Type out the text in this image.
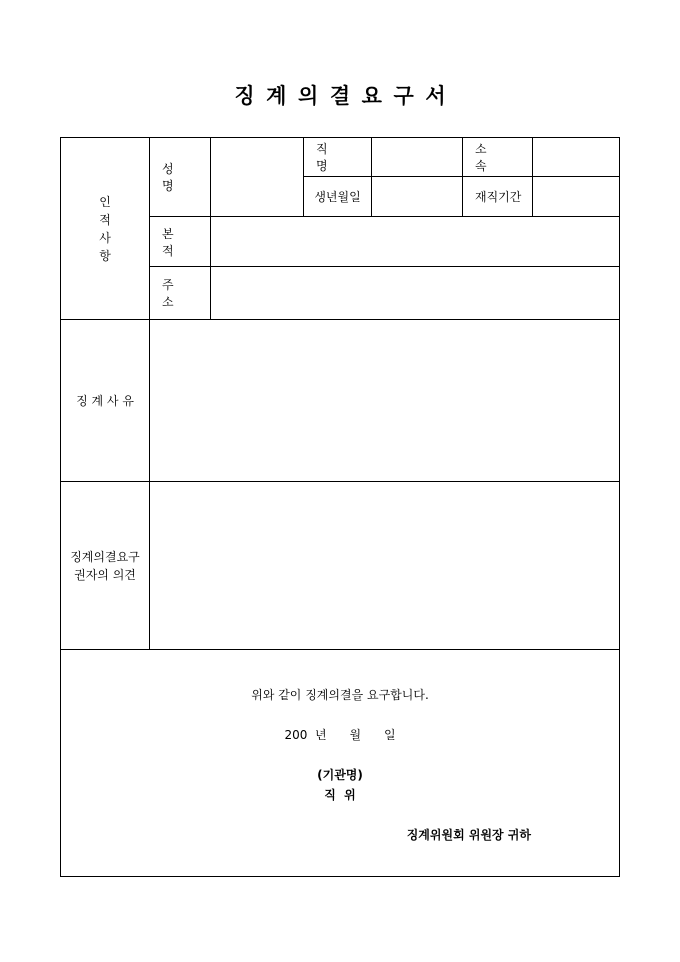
징계의결요구서
인
적
사
항	성 명		직 명		소 속	
			생년월일		재직기간	
	본 적					
	주 소					
징 계 사 유						

징계의결요구
권자의 의견						

위와 같이 징계의결을 요구합니다.
200  년      월      일
(기관명)
직  위
징계위원회 위원장 귀하						
